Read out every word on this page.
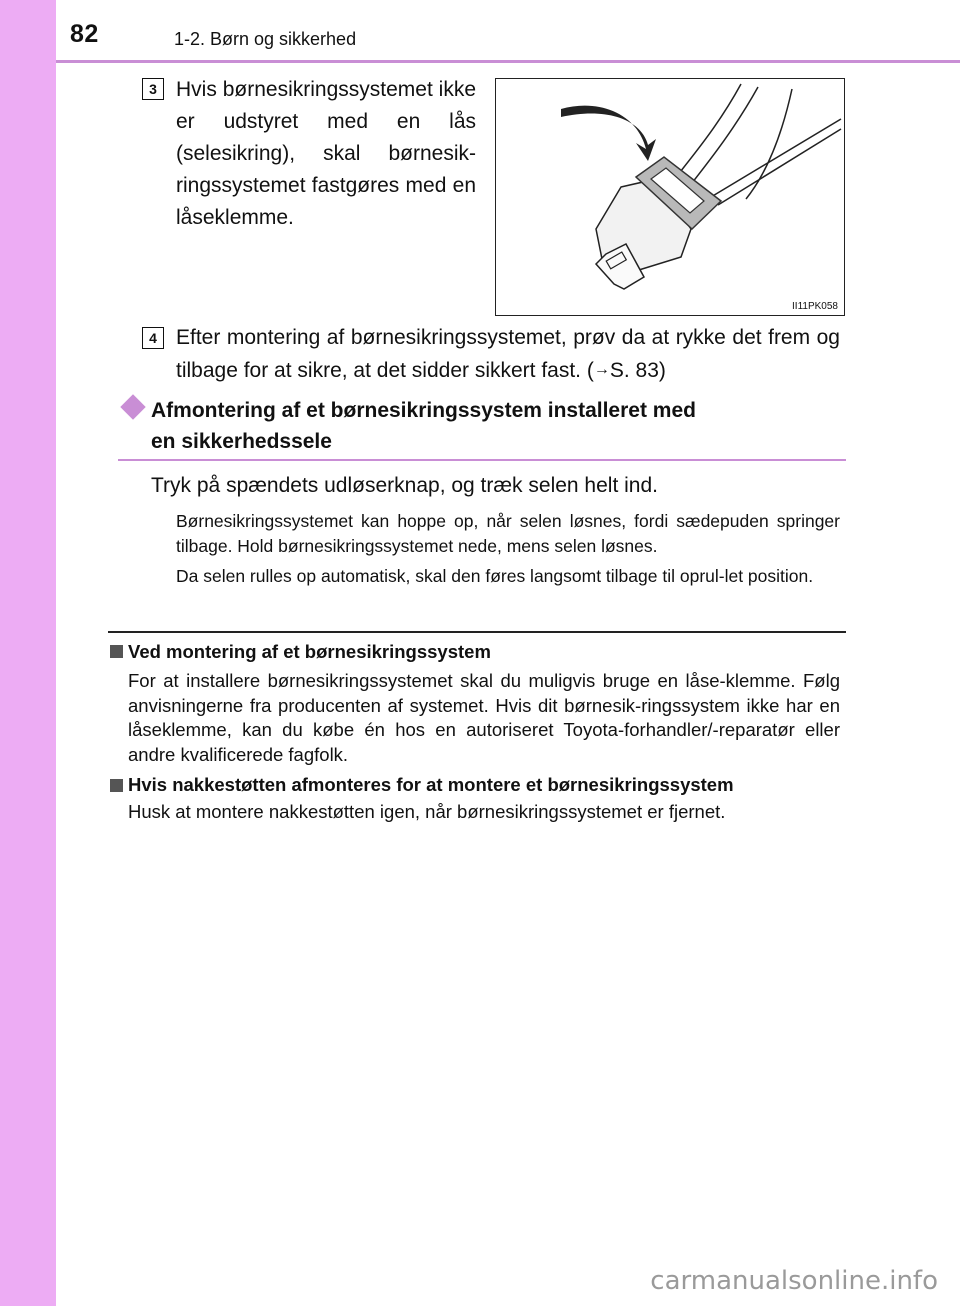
82	1-2. Børn og sikkerhed
3 Hvis børnesikringssystemet ikke er udstyret med en lås (selesikring), skal børnesik-ringssystemet fastgøres med en låseklemme.
II11PK058
4 Efter montering af børnesikringssystemet, prøv da at rykke det frem og tilbage for at sikre, at det sidder sikkert fast. (→S. 83)
Afmontering af et børnesikringssystem installeret med
en sikkerhedssele
Tryk på spændets udløserknap, og træk selen helt ind.
Børnesikringssystemet kan hoppe op, når selen løsnes, fordi sædepuden springer tilbage. Hold børnesikringssystemet nede, mens selen løsnes.
Da selen rulles op automatisk, skal den føres langsomt tilbage til oprul-let position.
Ved montering af et børnesikringssystem
For at installere børnesikringssystemet skal du muligvis bruge en låse-klemme. Følg anvisningerne fra producenten af systemet. Hvis dit børnesik-ringssystem ikke har en låseklemme, kan du købe én hos en autoriseret Toyota-forhandler/-reparatør eller andre kvalificerede fagfolk.
Hvis nakkestøtten afmonteres for at montere et børnesikringssystem
Husk at montere nakkestøtten igen, når børnesikringssystemet er fjernet.
carmanualsonline.info
